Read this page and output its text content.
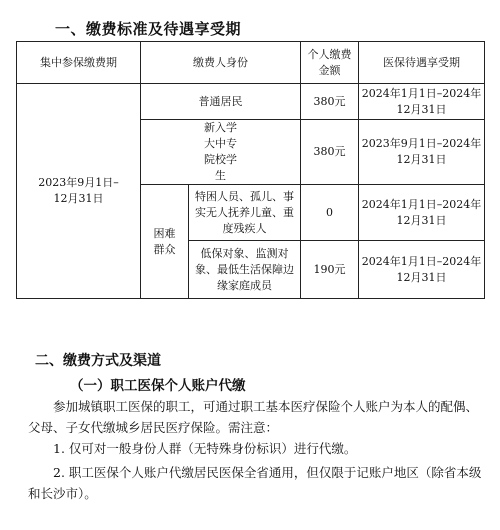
一、缴费标准及待遇享受期
集中参保缴费期	缴费人身份		个人缴费金额	医保待遇享受期
2023年9月1日–12月31日	普通居民		380元	2024年1月1日–2024年12月31日
	新入学大中专院校学生		380元	2023年9月1日–2024年12月31日
	困难群众	特困人员、孤儿、事实无人抚养儿童、重度残疾人	0	2024年1月1日–2024年12月31日
		低保对象、监测对象、最低生活保障边缘家庭成员	190元	2024年1月1日–2024年12月31日
二、缴费方式及渠道
（一）职工医保个人账户代缴
参加城镇职工医保的职工，可通过职工基本医疗保险个人账户为本人的配偶、父母、子女代缴城乡居民医疗保险。需注意：
1. 仅可对一般身份人群（无特殊身份标识）进行代缴。
2. 职工医保个人账户代缴居民医保全省通用，但仅限于记账户地区（除省本级和长沙市）。
